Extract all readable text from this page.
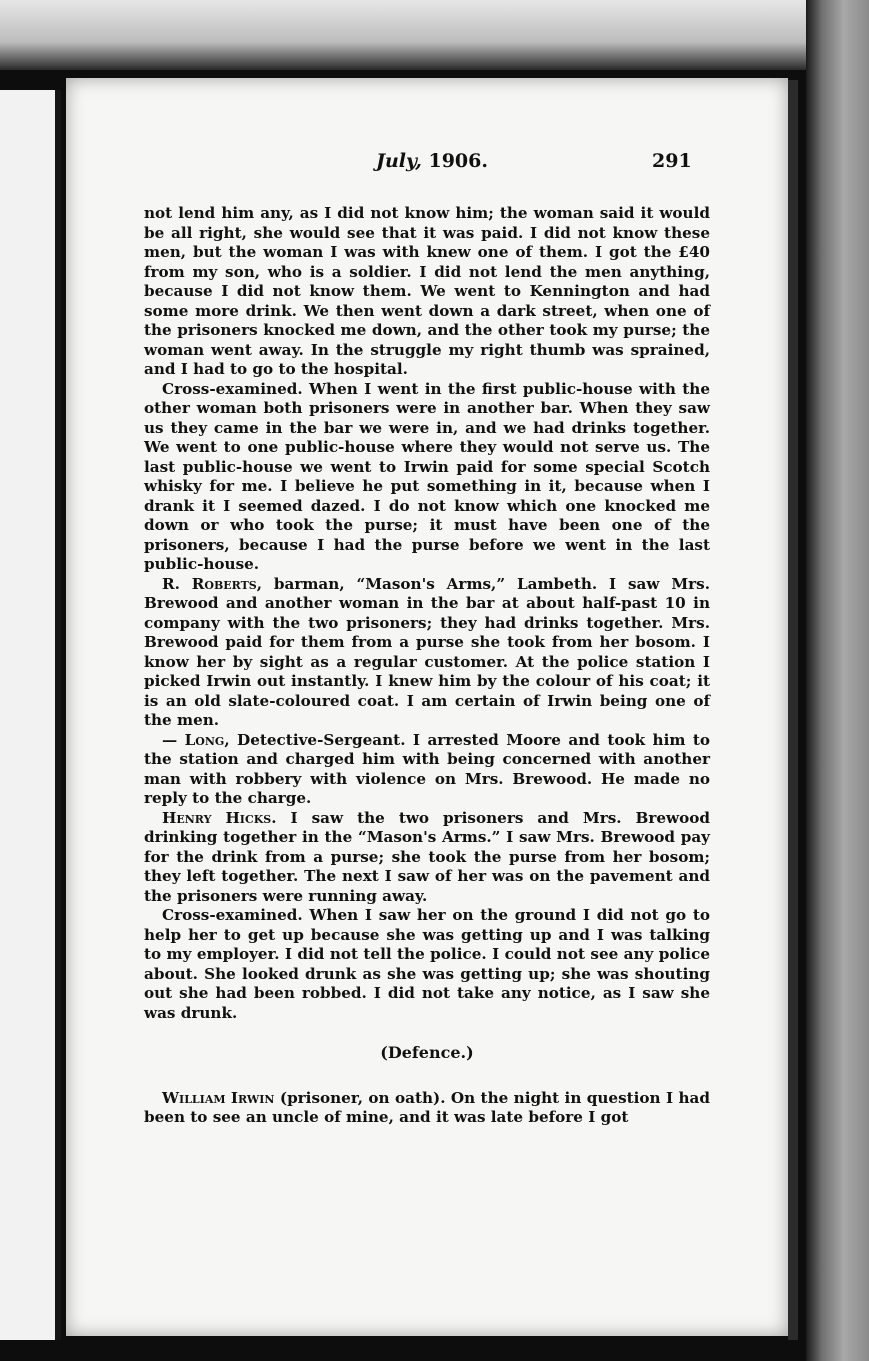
July, 1906.	291

not lend him any, as I did not know him; the woman said it would be all right, she would see that it was paid. I did not know these men, but the woman I was with knew one of them. I got the £40 from my son, who is a soldier. I did not lend the men anything, because I did not know them. We went to Kennington and had some more drink. We then went down a dark street, when one of the prisoners knocked me down, and the other took my purse; the woman went away. In the struggle my right thumb was sprained, and I had to go to the hospital.

Cross-examined. When I went in the first public-house with the other woman both prisoners were in another bar. When they saw us they came in the bar we were in, and we had drinks together. We went to one public-house where they would not serve us. The last public-house we went to Irwin paid for some special Scotch whisky for me. I believe he put something in it, because when I drank it I seemed dazed. I do not know which one knocked me down or who took the purse; it must have been one of the prisoners, because I had the purse before we went in the last public-house.

R. Roberts, barman, “Mason's Arms,” Lambeth. I saw Mrs. Brewood and another woman in the bar at about half-past 10 in company with the two prisoners; they had drinks together. Mrs. Brewood paid for them from a purse she took from her bosom. I know her by sight as a regular customer. At the police station I picked Irwin out instantly. I knew him by the colour of his coat; it is an old slate-coloured coat. I am certain of Irwin being one of the men.

— Long, Detective-Sergeant. I arrested Moore and took him to the station and charged him with being concerned with another man with robbery with violence on Mrs. Brewood. He made no reply to the charge.

Henry Hicks. I saw the two prisoners and Mrs. Brewood drinking together in the “Mason's Arms.” I saw Mrs. Brewood pay for the drink from a purse; she took the purse from her bosom; they left together. The next I saw of her was on the pavement and the prisoners were running away.

Cross-examined. When I saw her on the ground I did not go to help her to get up because she was getting up and I was talking to my employer. I did not tell the police. I could not see any police about. She looked drunk as she was getting up; she was shouting out she had been robbed. I did not take any notice, as I saw she was drunk.

(Defence.)

William Irwin (prisoner, on oath). On the night in question I had been to see an uncle of mine, and it was late before I got
